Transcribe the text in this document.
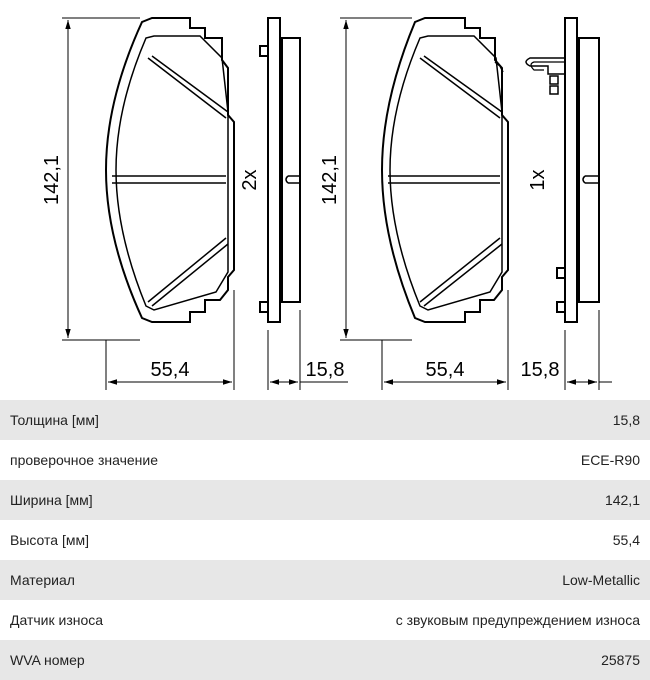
142,1
55,4
2x
15,8
142,1
55,4
1x
15,8
Толщина [мм]	15,8
проверочное значение	ECE-R90
Ширина [мм]	142,1
Высота [мм]	55,4
Материал	Low-Metallic
Датчик износа	с звуковым предупреждением износа
WVA номер	25875
